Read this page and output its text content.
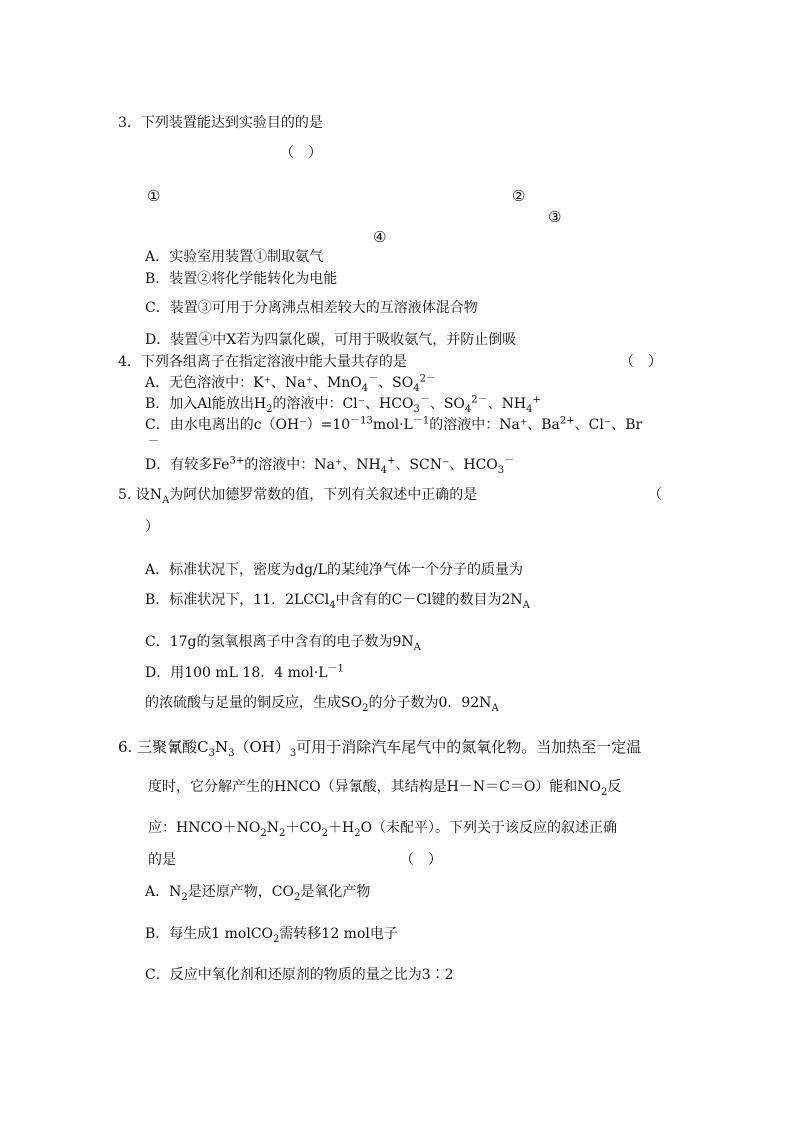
3．下列装置能达到实验目的的是
（　）
①	②
③
④
A．实验室用装置①制取氨气
B．装置②将化学能转化为电能
C．装置③可用于分离沸点相差较大的互溶液体混合物
D．装置④中X若为四氯化碳，可用于吸收氨气，并防止倒吸
4．下列各组离子在指定溶液中能大量共存的是	（　）
A．无色溶液中：K⁺、Na⁺、MnO$_4$－、$SO_4^{2-}$
B．加入Al能放出$H_2$的溶液中：Cl⁻、$HCO_3^-$、$SO_4^{2-}$、$NH_4^+$
C．由水电离出的$c(OH^-)=10^{-13}mol\cdot L^{-1}$的溶液中：Na⁺、$Ba^{2+}$、Cl⁻、Br
－
D．有较多$Fe^{3+}$的溶液中：Na⁺、$NH_4^+$、SCN⁻、$HCO_3^-$
5. 设$N_A$为阿伏加德罗常数的值，下列有关叙述中正确的是	（
）
A．标准状况下，密度为dg/L的某纯净气体一个分子的质量为
B．标准状况下，11．2LCCl$_4$中含有的C－Cl键的数目为$2N_A$
C．17g的氢氧根离子中含有的电子数为$9N_A$
D．用100 mL 18．4 $mol\cdot L^{-1}$
的浓硫酸与足量的铜反应，生成$SO_2$的分子数为0．$92N_A$
6. 三聚氰酸$C_3N_3(OH)_3$可用于消除汽车尾气中的氮氧化物。当加热至一定温
度时，它分解产生的HNCO（异氰酸，其结构是H－N＝C＝O）能和$NO_2$反
应：$HNCO+NO_2N_2+CO_2+H_2O$（未配平）。下列关于该反应的叙述正确
的是	（　）
A．$N_2$是还原产物，$CO_2$是氧化产物
B．每生成1 molCO$_2$需转移12 mol电子
C．反应中氧化剂和还原剂的物质的量之比为3∶2
